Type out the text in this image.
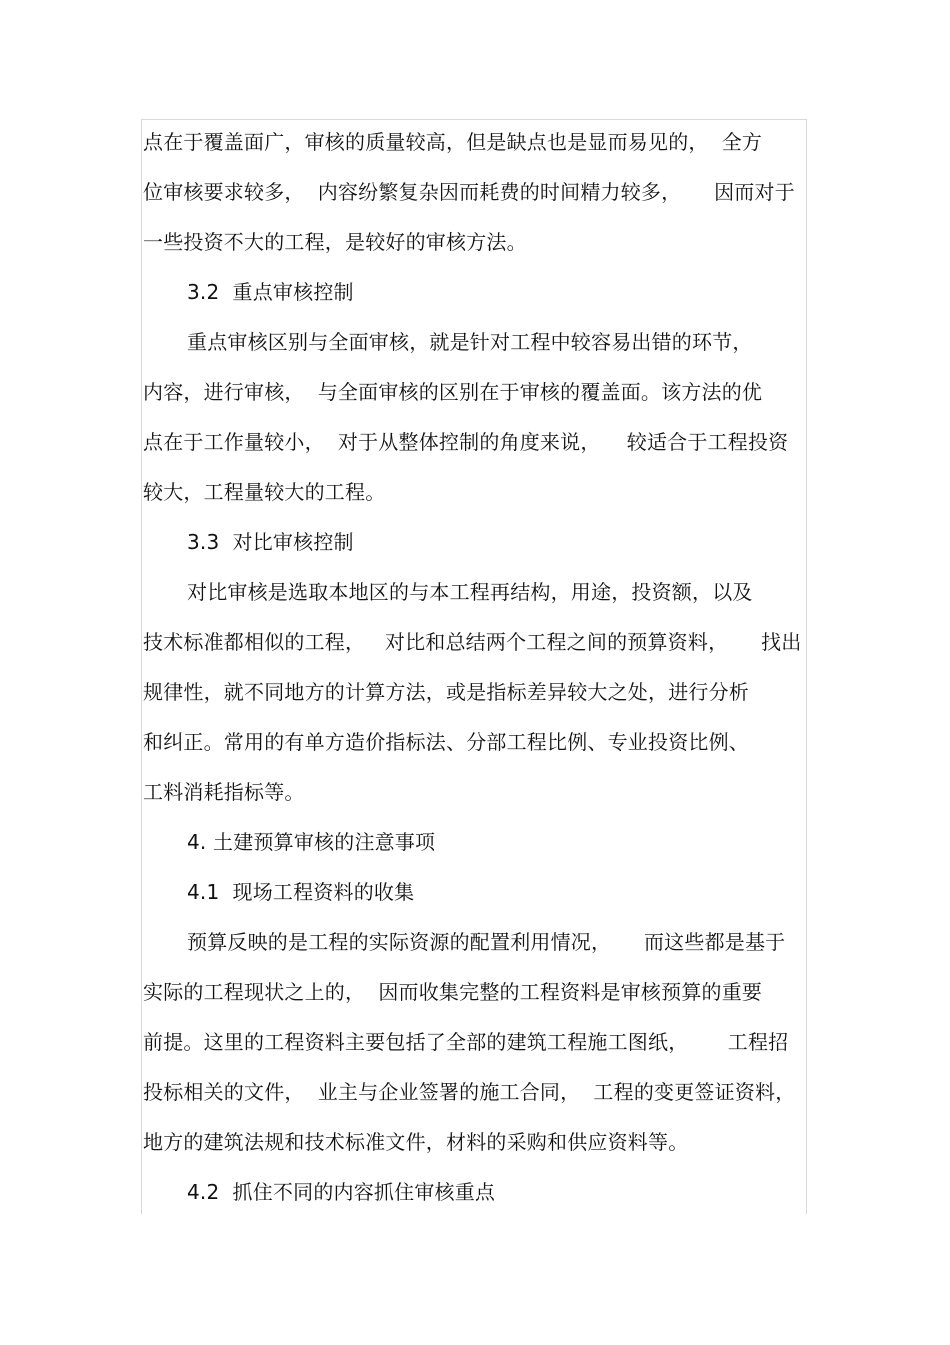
点在于覆盖面广，审核的质量较高，但是缺点也是显而易见的，  全方
位审核要求较多，  内容纷繁复杂因而耗费的时间精力较多，     因而对于
一些投资不大的工程，是较好的审核方法。
3.2  重点审核控制
重点审核区别与全面审核，就是针对工程中较容易出错的环节，
内容，进行审核，  与全面审核的区别在于审核的覆盖面。该方法的优
点在于工作量较小，  对于从整体控制的角度来说，    较适合于工程投资
较大，工程量较大的工程。
3.3  对比审核控制
对比审核是选取本地区的与本工程再结构，用途，投资额，以及
技术标准都相似的工程，   对比和总结两个工程之间的预算资料，     找出
规律性，就不同地方的计算方法，或是指标差异较大之处，进行分析
和纠正。常用的有单方造价指标法、分部工程比例、专业投资比例、
工料消耗指标等。
4. 土建预算审核的注意事项
4.1  现场工程资料的收集
预算反映的是工程的实际资源的配置利用情况，     而这些都是基于
实际的工程现状之上的，  因而收集完整的工程资料是审核预算的重要
前提。这里的工程资料主要包括了全部的建筑工程施工图纸，      工程招
投标相关的文件，  业主与企业签署的施工合同，  工程的变更签证资料，
地方的建筑法规和技术标准文件，材料的采购和供应资料等。
4.2  抓住不同的内容抓住审核重点
